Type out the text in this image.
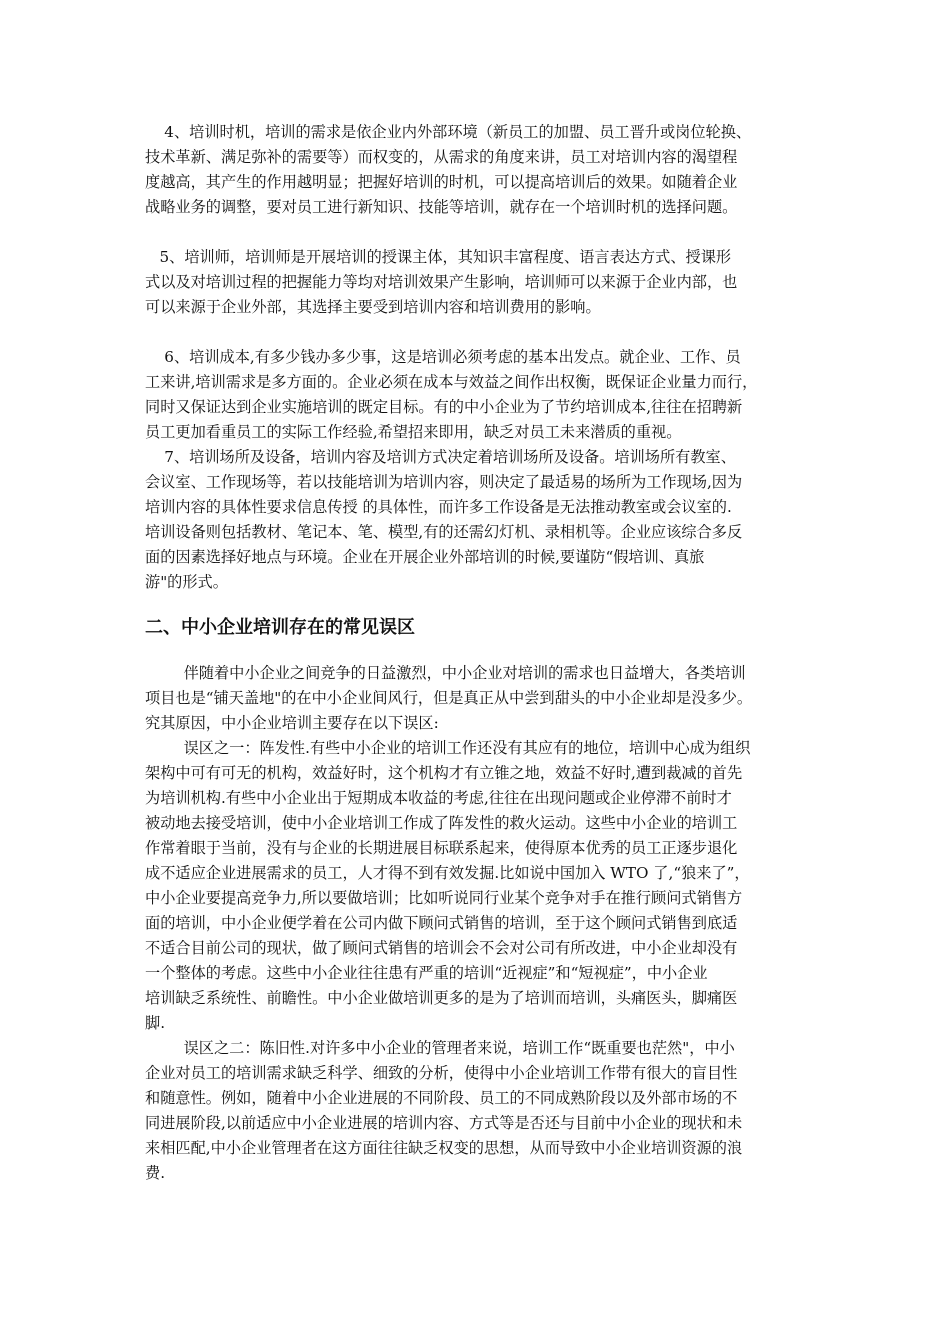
4、培训时机，培训的需求是依企业内外部环境（新员工的加盟、员工晋升或岗位轮换、
技术革新、满足弥补的需要等）而权变的，从需求的角度来讲，员工对培训内容的渴望程
度越高，其产生的作用越明显；把握好培训的时机，可以提高培训后的效果。如随着企业
战略业务的调整，要对员工进行新知识、技能等培训，就存在一个培训时机的选择问题。
5、培训师，培训师是开展培训的授课主体，其知识丰富程度、语言表达方式、授课形
式以及对培训过程的把握能力等均对培训效果产生影响，培训师可以来源于企业内部，也
可以来源于企业外部，其选择主要受到培训内容和培训费用的影响。
6、培训成本,有多少钱办多少事，这是培训必须考虑的基本出发点。就企业、工作、员
工来讲,培训需求是多方面的。企业必须在成本与效益之间作出权衡，既保证企业量力而行，
同时又保证达到企业实施培训的既定目标。有的中小企业为了节约培训成本,往往在招聘新
员工更加看重员工的实际工作经验,希望招来即用，缺乏对员工未来潜质的重视。
7、培训场所及设备，培训内容及培训方式决定着培训场所及设备。培训场所有教室、
会议室、工作现场等，若以技能培训为培训内容，则决定了最适易的场所为工作现场,因为
培训内容的具体性要求信息传授 的具体性，而许多工作设备是无法推动教室或会议室的.
培训设备则包括教材、笔记本、笔、模型,有的还需幻灯机、录相机等。企业应该综合多反
面的因素选择好地点与环境。企业在开展企业外部培训的时候,要谨防“假培训、真旅
游"的形式。
二、中小企业培训存在的常见误区
伴随着中小企业之间竞争的日益激烈，中小企业对培训的需求也日益增大，各类培训
项目也是“铺天盖地"的在中小企业间风行，但是真正从中尝到甜头的中小企业却是没多少。
究其原因，中小企业培训主要存在以下误区:
误区之一：阵发性.有些中小企业的培训工作还没有其应有的地位，培训中心成为组织
架构中可有可无的机构，效益好时，这个机构才有立锥之地，效益不好时,遭到裁减的首先
为培训机构.有些中小企业出于短期成本收益的考虑,往往在出现问题或企业停滞不前时才
被动地去接受培训，使中小企业培训工作成了阵发性的救火运动。这些中小企业的培训工
作常着眼于当前，没有与企业的长期进展目标联系起来，使得原本优秀的员工正逐步退化
成不适应企业进展需求的员工，人才得不到有效发掘.比如说中国加入 WTO 了,“狼来了”，
中小企业要提高竞争力,所以要做培训；比如听说同行业某个竞争对手在推行顾问式销售方
面的培训，中小企业便学着在公司内做下顾问式销售的培训，至于这个顾问式销售到底适
不适合目前公司的现状，做了顾问式销售的培训会不会对公司有所改进，中小企业却没有
一个整体的考虑。这些中小企业往往患有严重的培训“近视症”和“短视症”，中小企业
培训缺乏系统性、前瞻性。中小企业做培训更多的是为了培训而培训，头痛医头，脚痛医
脚.
误区之二：陈旧性.对许多中小企业的管理者来说，培训工作“既重要也茫然"，中小
企业对员工的培训需求缺乏科学、细致的分析，使得中小企业培训工作带有很大的盲目性
和随意性。例如，随着中小企业进展的不同阶段、员工的不同成熟阶段以及外部市场的不
同进展阶段,以前适应中小企业进展的培训内容、方式等是否还与目前中小企业的现状和未
来相匹配,中小企业管理者在这方面往往缺乏权变的思想，从而导致中小企业培训资源的浪
费.
